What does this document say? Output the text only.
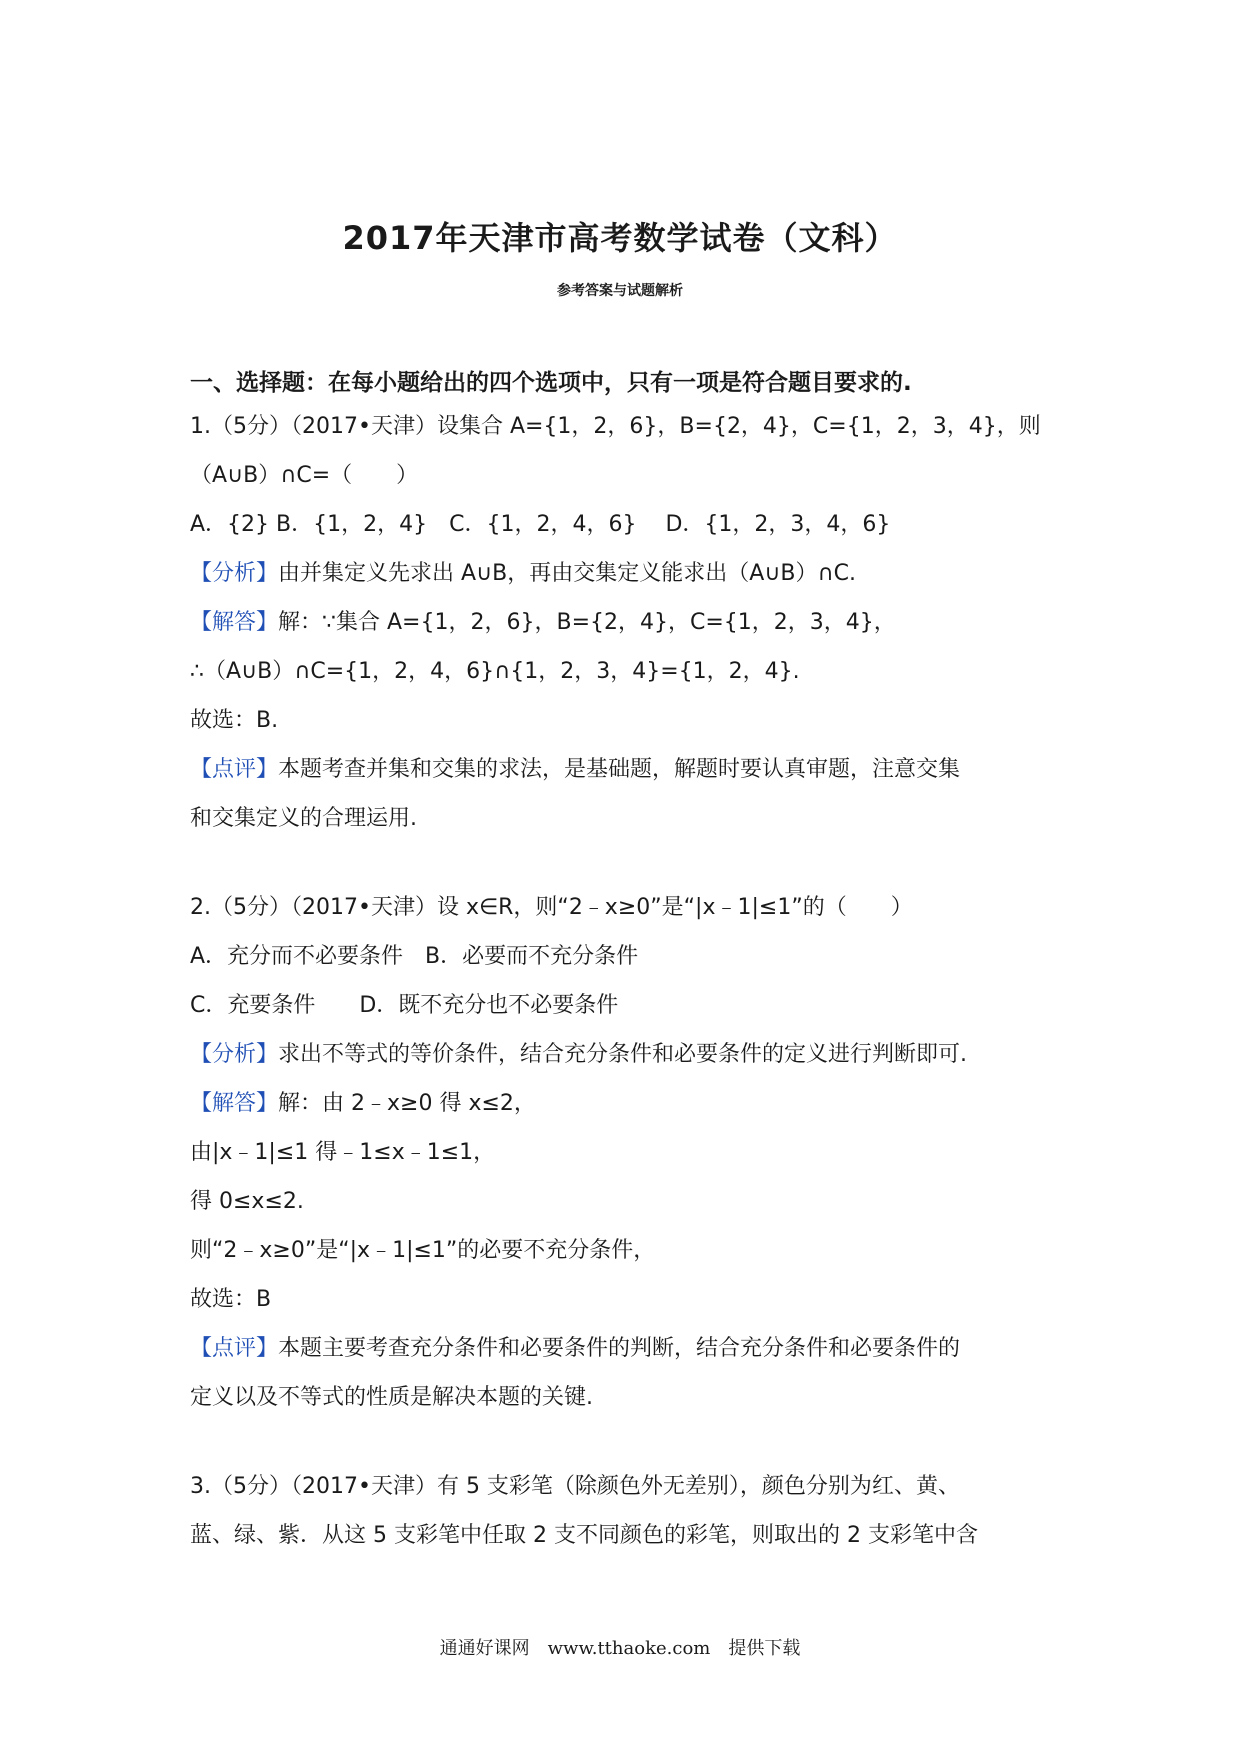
2017年天津市高考数学试卷（文科）
参考答案与试题解析
一、选择题：在每小题给出的四个选项中，只有一项是符合题目要求的.
1.（5分）（2017•天津）设集合 A={1，2，6}，B={2，4}，C={1，2，3，4}，则
（A∪B）∩C=（　　）
A．{2} B．{1，2，4}　C．{1，2，4，6}　 D．{1，2，3，4，6}
【分析】由并集定义先求出 A∪B，再由交集定义能求出（A∪B）∩C.
【解答】解：∵集合 A={1，2，6}，B={2，4}，C={1，2，3，4}，
∴（A∪B）∩C={1，2，4，6}∩{1，2，3，4}={1，2，4}.
故选：B.
【点评】本题考查并集和交集的求法，是基础题，解题时要认真审题，注意交集
和交集定义的合理运用.
2.（5分）（2017•天津）设 x∈R，则“2﹣x≥0”是“|x﹣1|≤1”的（　　）
A．充分而不必要条件　B．必要而不充分条件
C．充要条件　　D．既不充分也不必要条件
【分析】求出不等式的等价条件，结合充分条件和必要条件的定义进行判断即可.
【解答】解：由 2﹣x≥0 得 x≤2，
由|x﹣1|≤1 得﹣1≤x﹣1≤1，
得 0≤x≤2.
则“2﹣x≥0”是“|x﹣1|≤1”的必要不充分条件，
故选：B
【点评】本题主要考查充分条件和必要条件的判断，结合充分条件和必要条件的
定义以及不等式的性质是解决本题的关键.
3.（5分）（2017•天津）有 5 支彩笔（除颜色外无差别），颜色分别为红、黄、
蓝、绿、紫．从这 5 支彩笔中任取 2 支不同颜色的彩笔，则取出的 2 支彩笔中含
通通好课网　www.tthaoke.com　提供下载
